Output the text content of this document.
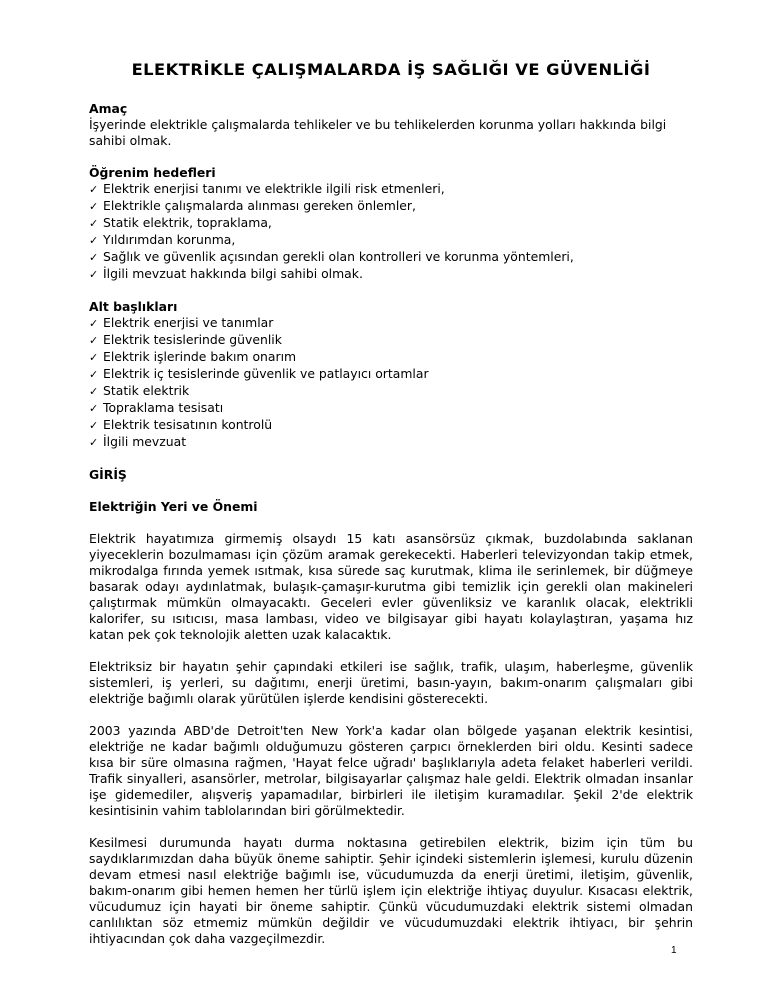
ELEKTRİKLE ÇALIŞMALARDA İŞ SAĞLIĞI VE GÜVENLİĞİ

Amaç

İşyerinde elektrikle çalışmalarda tehlikeler ve bu tehlikelerden korunma yolları hakkında bilgi sahibi olmak.

Öğrenim hedefleri

✓ Elektrik enerjisi tanımı ve elektrikle ilgili risk etmenleri,
✓ Elektrikle çalışmalarda alınması gereken önlemler,
✓ Statik elektrik, topraklama,
✓ Yıldırımdan korunma,
✓ Sağlık ve güvenlik açısından gerekli olan kontrolleri ve korunma yöntemleri,
✓ İlgili mevzuat hakkında bilgi sahibi olmak.

Alt başlıkları

✓ Elektrik enerjisi ve tanımlar
✓ Elektrik tesislerinde güvenlik
✓ Elektrik işlerinde bakım onarım
✓ Elektrik iç tesislerinde güvenlik ve patlayıcı ortamlar
✓ Statik elektrik
✓ Topraklama tesisatı
✓ Elektrik tesisatının kontrolü
✓ İlgili mevzuat

GİRİŞ

Elektriğin Yeri ve Önemi

Elektrik hayatımıza girmemiş olsaydı 15 katı asansörsüz çıkmak, buzdolabında saklanan yiyeceklerin bozulmaması için çözüm aramak gerekecekti. Haberleri televizyondan takip etmek, mikrodalga fırında yemek ısıtmak, kısa sürede saç kurutmak, klima ile serinlemek, bir düğmeye basarak odayı aydınlatmak, bulaşık-çamaşır-kurutma gibi temizlik için gerekli olan makineleri çalıştırmak mümkün olmayacaktı. Geceleri evler güvenliksiz ve karanlık olacak, elektrikli kalorifer, su ısıtıcısı, masa lambası, video ve bilgisayar gibi hayatı kolaylaştıran, yaşama hız katan pek çok teknolojik aletten uzak kalacaktık.

Elektriksiz bir hayatın şehir çapındaki etkileri ise sağlık, trafik, ulaşım, haberleşme, güvenlik sistemleri, iş yerleri, su dağıtımı, enerji üretimi, basın-yayın, bakım-onarım çalışmaları gibi elektriğe bağımlı olarak yürütülen işlerde kendisini gösterecekti.

2003 yazında ABD'de Detroit'ten New York'a kadar olan bölgede yaşanan elektrik kesintisi, elektriğe ne kadar bağımlı olduğumuzu gösteren çarpıcı örneklerden biri oldu. Kesinti sadece kısa bir süre olmasına rağmen, 'Hayat felce uğradı' başlıklarıyla adeta felaket haberleri verildi. Trafik sinyalleri, asansörler, metrolar, bilgisayarlar çalışmaz hale geldi. Elektrik olmadan insanlar işe gidemediler, alışveriş yapamadılar, birbirleri ile iletişim kuramadılar. Şekil 2'de elektrik kesintisinin vahim tablolarından biri görülmektedir.

Kesilmesi durumunda hayatı durma noktasına getirebilen elektrik, bizim için tüm bu saydıklarımızdan daha büyük öneme sahiptir. Şehir içindeki sistemlerin işlemesi, kurulu düzenin devam etmesi nasıl elektriğe bağımlı ise, vücudumuzda da enerji üretimi, iletişim, güvenlik, bakım-onarım gibi hemen hemen her türlü işlem için elektriğe ihtiyaç duyulur. Kısacası elektrik, vücudumuz için hayati bir öneme sahiptir. Çünkü vücudumuzdaki elektrik sistemi olmadan canlılıktan söz etmemiz mümkün değildir ve vücudumuzdaki elektrik ihtiyacı, bir şehrin ihtiyacından çok daha vazgeçilmezdir.

1
